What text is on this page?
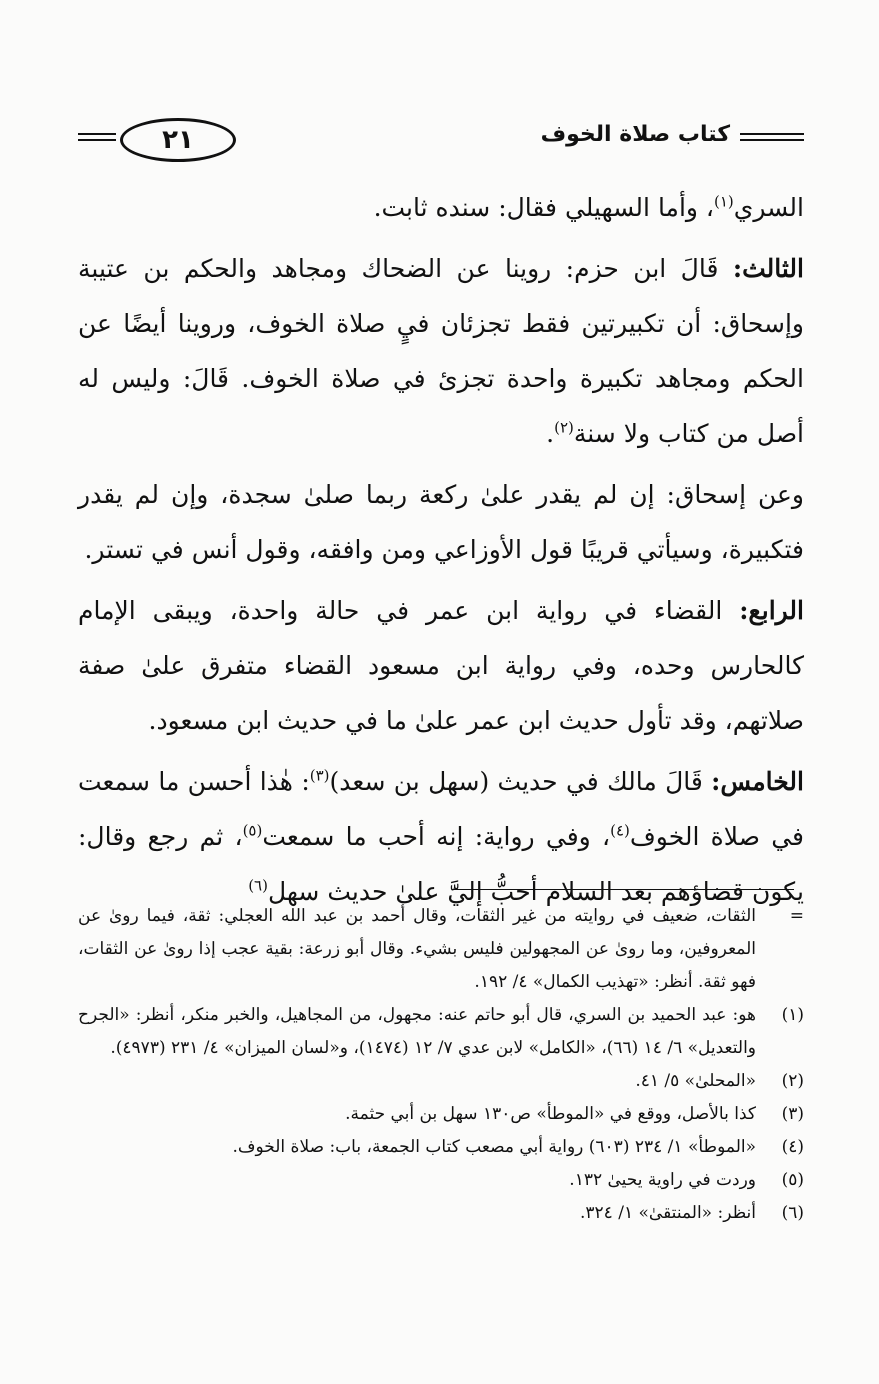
٢١	كتاب صلاة الخوف

السري$^{(١)}$، وأما السهيلي فقال: سنده ثابت.

الثالث: قَالَ ابن حزم: روينا عن الضحاك ومجاهد والحكم بن عتيبة وإسحاق: أن تكبيرتين فقط تجزئان فيٍ صلاة الخوف، وروينا أيضًا عن الحكم ومجاهد تكبيرة واحدة تجزئ في صلاة الخوف. قَالَ: وليس له أصل من كتاب ولا سنة$^{(٢)}$.

وعن إسحاق: إن لم يقدر علىٰ ركعة ربما صلىٰ سجدة، وإن لم يقدر فتكبيرة، وسيأتي قريبًا قول الأوزاعي ومن وافقه، وقول أنس في تستر.

الرابع: القضاء في رواية ابن عمر في حالة واحدة، ويبقى الإمام كالحارس وحده، وفي رواية ابن مسعود القضاء متفرق علىٰ صفة صلاتهم، وقد تأول حديث ابن عمر علىٰ ما في حديث ابن مسعود.

الخامس: قَالَ مالك في حديث (سهل بن سعد)$^{(٣)}$: هٰذا أحسن ما سمعت في صلاة الخوف$^{(٤)}$، وفي رواية: إنه أحب ما سمعت$^{(٥)}$، ثم رجع وقال: يكون قضاؤهم بعد السلام أحبُّ إليَّ علىٰ حديث سهل$^{(٦)}$

=
الثقات، ضعيف في روايته من غير الثقات، وقال أحمد بن عبد الله العجلي: ثقة، فيما روىٰ عن المعروفين، وما روىٰ عن المجهولين فليس بشيء. وقال أبو زرعة: بقية عجب إذا روىٰ عن الثقات، فهو ثقة. أنظر: «تهذيب الكمال» ٤/ ١٩٢.
(١)
هو: عبد الحميد بن السري، قال أبو حاتم عنه: مجهول، من المجاهيل، والخبر منكر، أنظر: «الجرح والتعديل» ٦/ ١٤ (٦٦)، «الكامل» لابن عدي ٧/ ١٢ (١٤٧٤)، و«لسان الميزان» ٤/ ٢٣١ (٤٩٧٣).
(٢)
«المحلىٰ» ٥/ ٤١.
(٣)
كذا بالأصل، ووقع في «الموطأ» ص١٣٠ سهل بن أبي حثمة.
(٤)
«الموطأ» ١/ ٢٣٤ (٦٠٣) رواية أبي مصعب كتاب الجمعة، باب: صلاة الخوف.
(٥)
وردت في راوية يحيىٰ ١٣٢.
(٦)
أنظر: «المنتقىٰ» ١/ ٣٢٤.
